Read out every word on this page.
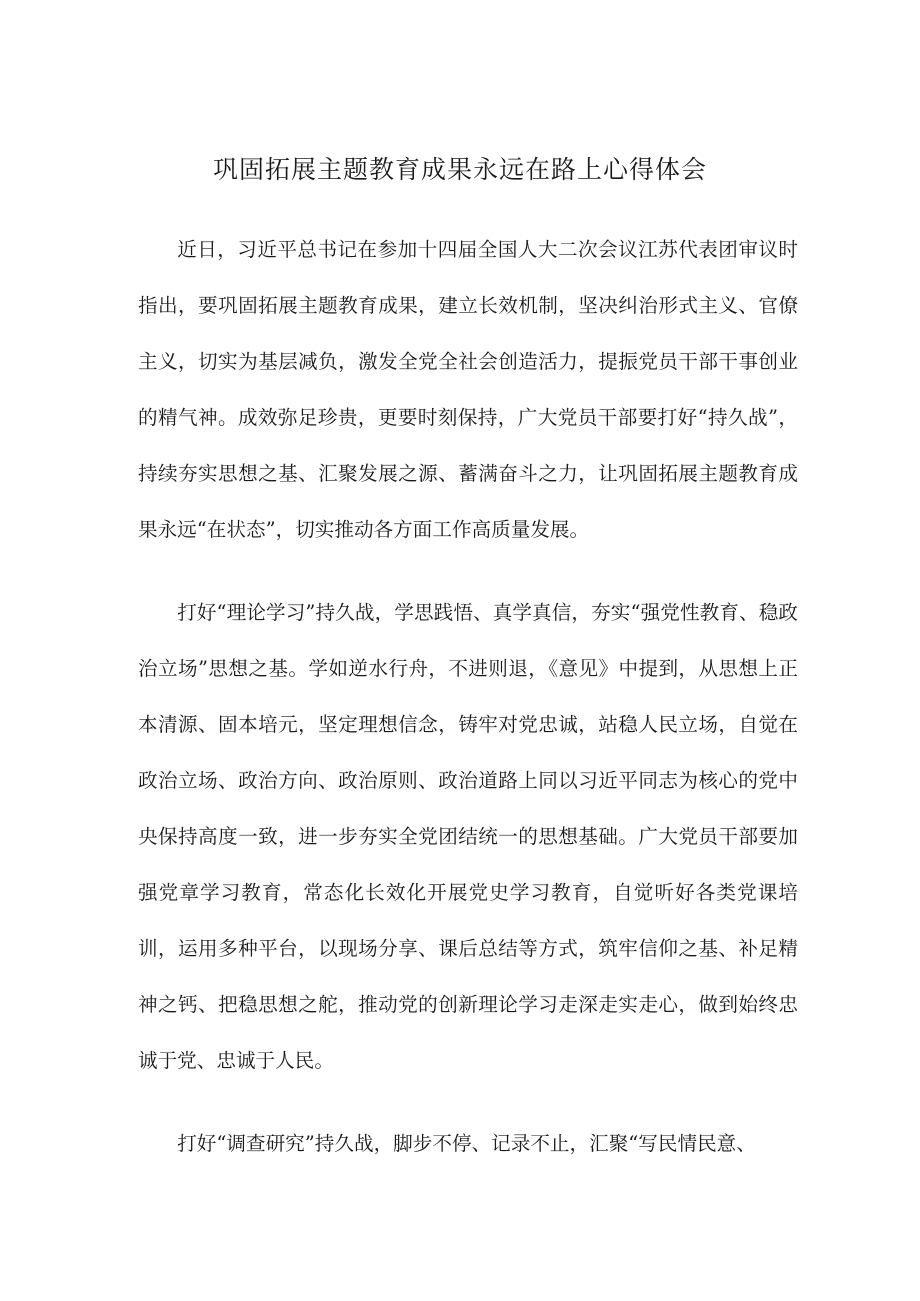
巩固拓展主题教育成果永远在路上心得体会

近日，习近平总书记在参加十四届全国人大二次会议江苏代表团审议时指出，要巩固拓展主题教育成果，建立长效机制，坚决纠治形式主义、官僚主义，切实为基层减负，激发全党全社会创造活力，提振党员干部干事创业的精气神。成效弥足珍贵，更要时刻保持，广大党员干部要打好“持久战”，持续夯实思想之基、汇聚发展之源、蓄满奋斗之力，让巩固拓展主题教育成果永远“在状态”，切实推动各方面工作高质量发展。

打好“理论学习”持久战，学思践悟、真学真信，夯实“强党性教育、稳政治立场”思想之基。学如逆水行舟，不进则退，《意见》中提到，从思想上正本清源、固本培元，坚定理想信念，铸牢对党忠诚，站稳人民立场，自觉在政治立场、政治方向、政治原则、政治道路上同以习近平同志为核心的党中央保持高度一致，进一步夯实全党团结统一的思想基础。广大党员干部要加强党章学习教育，常态化长效化开展党史学习教育，自觉听好各类党课培训，运用多种平台，以现场分享、课后总结等方式，筑牢信仰之基、补足精神之钙、把稳思想之舵，推动党的创新理论学习走深走实走心，做到始终忠诚于党、忠诚于人民。

打好“调查研究”持久战，脚步不停、记录不止，汇聚“写民情民意、
